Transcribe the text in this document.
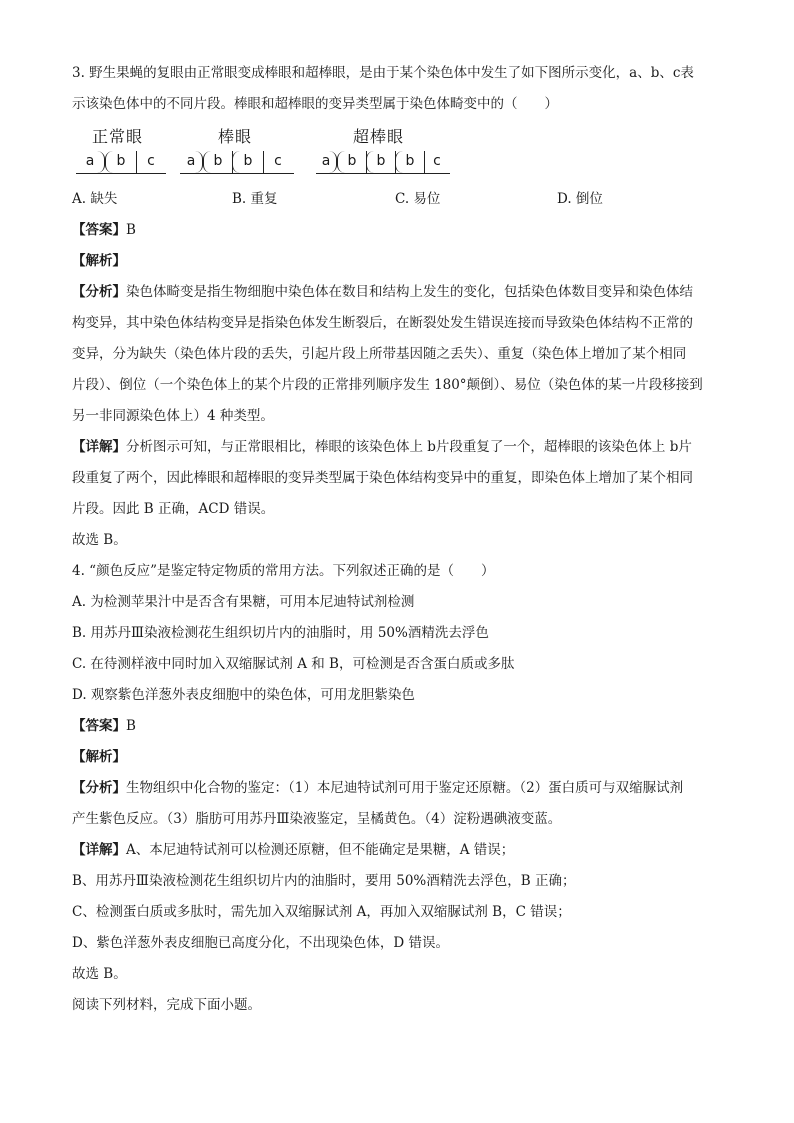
3. 野生果蝇的复眼由正常眼变成棒眼和超棒眼，是由于某个染色体中发生了如下图所示变化，a、b、c表
示该染色体中的不同片段。棒眼和超棒眼的变异类型属于染色体畸变中的（　　）
正常眼	棒眼	超棒眼
a	b	c	a	b	b	c	a	b	b	b	c
A. 缺失	B. 重复	C. 易位	D. 倒位
【答案】B
【解析】
【分析】染色体畸变是指生物细胞中染色体在数目和结构上发生的变化，包括染色体数目变异和染色体结
构变异，其中染色体结构变异是指染色体发生断裂后，在断裂处发生错误连接而导致染色体结构不正常的
变异，分为缺失（染色体片段的丢失，引起片段上所带基因随之丢失）、重复（染色体上增加了某个相同
片段）、倒位（一个染色体上的某个片段的正常排列顺序发生 180°颠倒）、易位（染色体的某一片段移接到
另一非同源染色体上）4 种类型。
【详解】分析图示可知，与正常眼相比，棒眼的该染色体上 b片段重复了一个，超棒眼的该染色体上 b片
段重复了两个，因此棒眼和超棒眼的变异类型属于染色体结构变异中的重复，即染色体上增加了某个相同
片段。因此 B 正确，ACD 错误。
故选 B。
4. “颜色反应”是鉴定特定物质的常用方法。下列叙述正确的是（　　）
A. 为检测苹果汁中是否含有果糖，可用本尼迪特试剂检测
B. 用苏丹Ⅲ染液检测花生组织切片内的油脂时，用 50%酒精洗去浮色
C. 在待测样液中同时加入双缩脲试剂 A 和 B，可检测是否含蛋白质或多肽
D. 观察紫色洋葱外表皮细胞中的染色体，可用龙胆紫染色
【答案】B
【解析】
【分析】生物组织中化合物的鉴定：（1）本尼迪特试剂可用于鉴定还原糖。（2）蛋白质可与双缩脲试剂
产生紫色反应。（3）脂肪可用苏丹Ⅲ染液鉴定，呈橘黄色。（4）淀粉遇碘液变蓝。
【详解】A、本尼迪特试剂可以检测还原糖，但不能确定是果糖，A 错误；
B、用苏丹Ⅲ染液检测花生组织切片内的油脂时，要用 50%酒精洗去浮色，B 正确；
C、检测蛋白质或多肽时，需先加入双缩脲试剂 A，再加入双缩脲试剂 B，C 错误；
D、紫色洋葱外表皮细胞已高度分化，不出现染色体，D 错误。
故选 B。
阅读下列材料，完成下面小题。
